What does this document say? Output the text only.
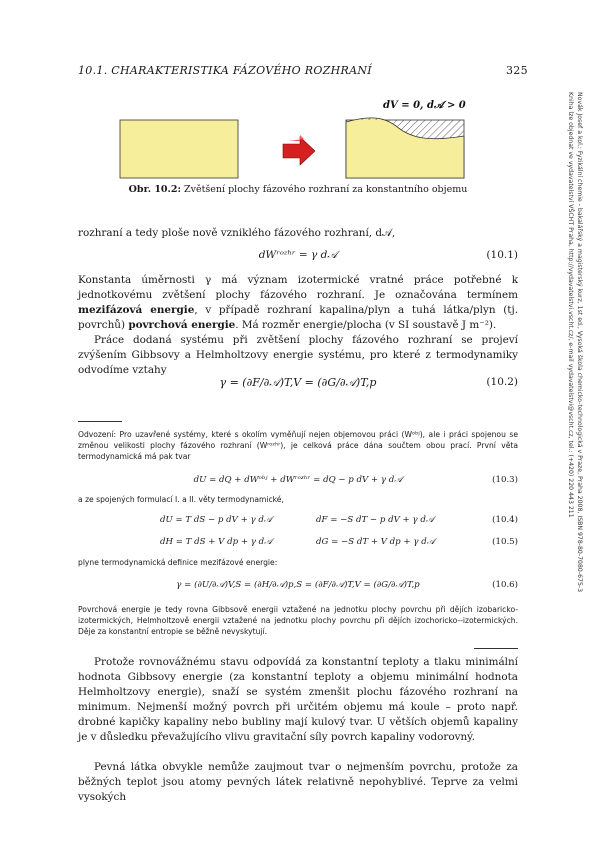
10.1. CHARAKTERISTIKA FÁZOVÉHO ROZHRANÍ	325
Novák Josef a kol.: Fyzikální chemie - bakalářský a magisterský kurz, 1st ed., Vysoká škola chemicko-technologická v Praze, Praha 2008, ISBN 978-80-7080-675-3
Kniha lze objednat ve vydavatelství VŠCHT Praha, http://vydavatelstvi.vscht.cz/, e-mail vydavatelstvi@vscht.cz, tel.: (+420) 220 443 211
dV = 0, d𝒜 > 0
Obr. 10.2: Zvětšení plochy fázového rozhraní za konstantního objemu
rozhraní a tedy ploše nově vzniklého fázového rozhraní, d𝒜,
dWʳᵒᶻʰʳ = γ d𝒜	(10.1)
Konstanta úměrnosti γ má význam izotermické vratné práce potřebné k jednotkovému zvětšení plochy fázového rozhraní. Je označována termínem mezifázová energie, v případě rozhraní kapalina/plyn a tuhá látka/plyn (tj. povrchů) povrchová energie. Má rozměr energie/plocha (v SI soustavě J m⁻²).
Práce dodaná systému při zvětšení plochy fázového rozhraní se projeví zvýšením Gibbsovy a Helmholtzovy energie systému, pro které z termodynamiky odvodíme vztahy
γ = (∂F/∂𝒜)T,V = (∂G/∂𝒜)T,p	(10.2)
Odvození: Pro uzavřené systémy, které s okolím vyměňují nejen objemovou práci (Wᵒᵇʲ), ale i práci spojenou se změnou velikosti plochy fázového rozhraní (Wʳᵒᶻʰʳ), je celková práce dána součtem obou prací. První věta termodynamická má pak tvar
dU = dQ + dWᵒᵇʲ + dWʳᵒᶻʰʳ = dQ − p dV + γ d𝒜	(10.3)
a ze spojených formulací I. a II. věty termodynamické,
dU = T dS − p dV + γ d𝒜	dF = −S dT − p dV + γ d𝒜	(10.4)
dH = T dS + V dp + γ d𝒜	dG = −S dT + V dp + γ d𝒜	(10.5)
plyne termodynamická definice mezifázové energie:
γ = (∂U/∂𝒜)V,S = (∂H/∂𝒜)p,S = (∂F/∂𝒜)T,V = (∂G/∂𝒜)T,p	(10.6)
Povrchová energie je tedy rovna Gibbsově energii vztažené na jednotku plochy povrchu při dějích izobaricko-izotermických, Helmholtzově energii vztažené na jednotku plochy povrchu při dějích izochoricko--izotermických. Děje za konstantní entropie se běžně nevyskytují.
Protože rovnovážnému stavu odpovídá za konstantní teploty a tlaku minimální hodnota Gibbsovy energie (za konstantní teploty a objemu minimální hodnota Helmholtzovy energie), snaží se systém zmenšit plochu fázového rozhraní na minimum. Nejmenší možný povrch při určitém objemu má koule – proto např. drobné kapičky kapaliny nebo bubliny mají kulový tvar. U větších objemů kapaliny je v důsledku převažujícího vlivu gravitační síly povrch kapaliny vodorovný.
Pevná látka obvykle nemůže zaujmout tvar o nejmenším povrchu, protože za běžných teplot jsou atomy pevných látek relativně nepohyblivé. Teprve za velmi vysokých
